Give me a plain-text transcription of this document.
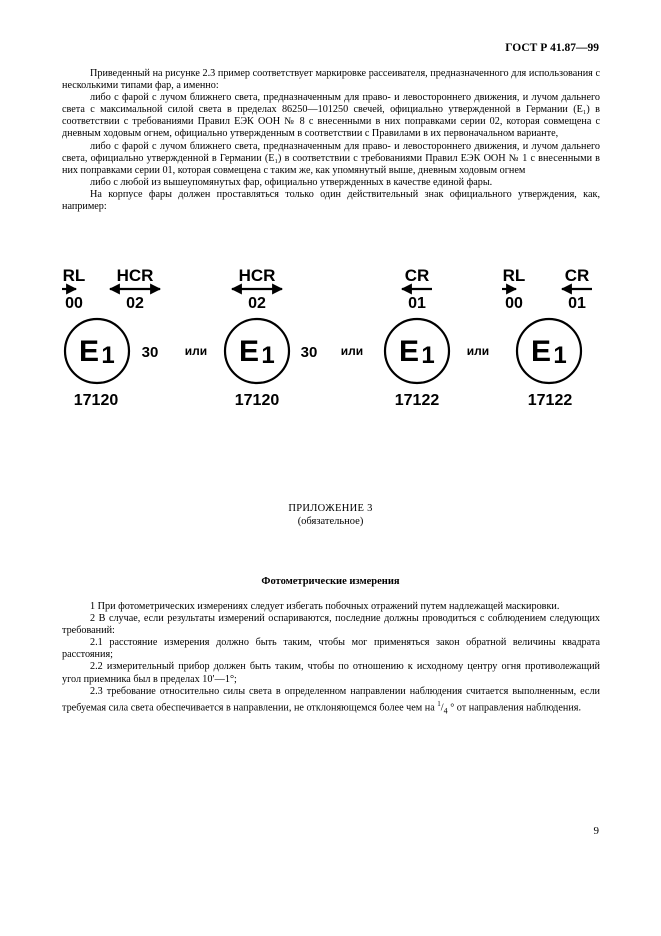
ГОСТ Р 41.87—99

Приведенный на рисунке 2.3 пример соответствует маркировке рассеивателя, предназначенного для использования с несколькими типами фар, а именно:

либо с фарой с лучом ближнего света, предназначенным для право- и левостороннего движения, и лучом дальнего света с максимальной силой света в пределах 86250—101250 свечей, официально утвержденной в Германии (E₁) в соответствии с требованиями Правил ЕЭК ООН № 8 с внесенными в них поправками серии 02, которая совмещена с дневным ходовым огнем, официально утвержденным в соответствии с Правилами в их первоначальном варианте,

либо с фарой с лучом ближнего света, предназначенным для право- и левостороннего движения, и лучом дальнего света, официально утвержденной в Германии (E₁) в соответствии с требованиями Правил ЕЭК ООН № 1 с внесенными в них поправками серии 01, которая совмещена с таким же, как упомянутый выше, дневным ходовым огнем

либо с любой из вышеупомянутых фар, официально утвержденных в качестве единой фары.

На корпусе фары должен проставляться только один действительный знак официального утверждения, как, например:

RL
00
HCR
02
E 1 30
17120
или
HCR
02
E 1 30
17120
или
CR
01
E 1
17122
или
RL
00
CR
01
E 1
17122
ПРИЛОЖЕНИЕ 3
(обязательное)
Фотометрические измерения

1 При фотометрических измерениях следует избегать побочных отражений путем надлежащей маскировки.

2 В случае, если результаты измерений оспариваются, последние должны проводиться с соблюдением следующих требований:

2.1 расстояние измерения должно быть таким, чтобы мог применяться закон обратной величины квадрата расстояния;

2.2 измерительный прибор должен быть таким, чтобы по отношению к исходному центру огня противолежащий угол приемника был в пределах 10′—1°;

2.3 требование относительно силы света в определенном направлении наблюдения считается выполненным, если требуемая сила света обеспечивается в направлении, не отклоняющемся более чем на $^1/_4$ ° от направления наблюдения.

9
